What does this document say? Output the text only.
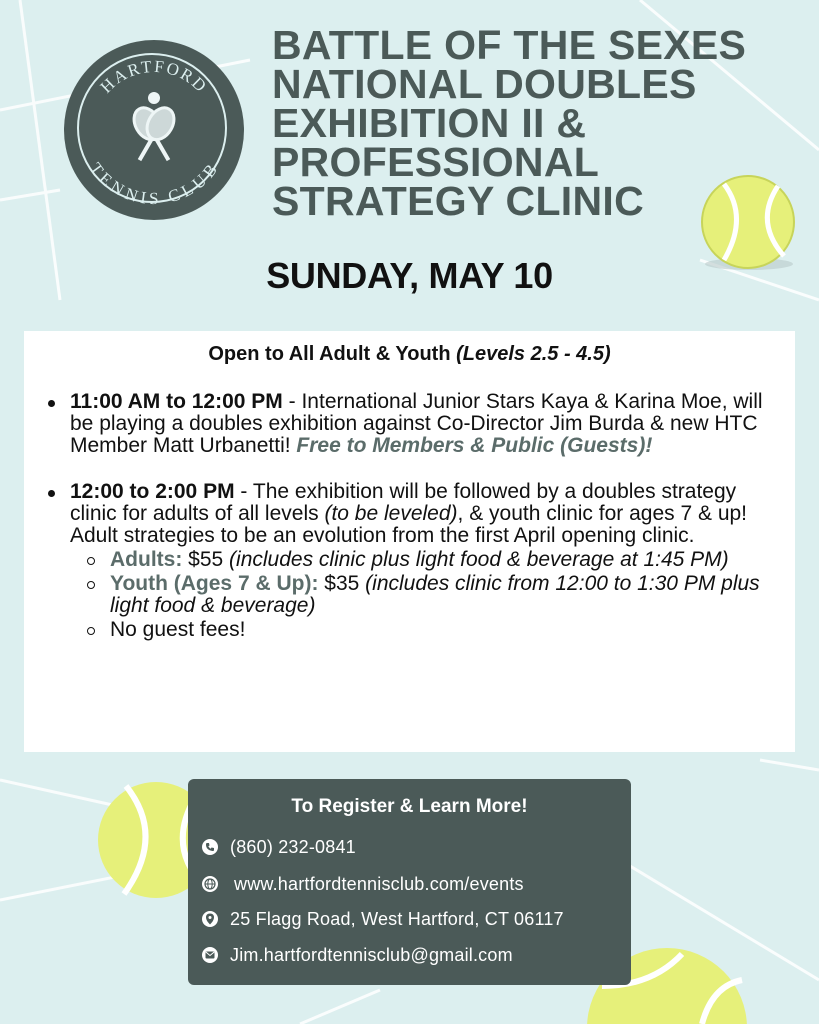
HARTFORD
TENNIS CLUB
BATTLE OF THE SEXES
NATIONAL DOUBLES
EXHIBITION II &
PROFESSIONAL
STRATEGY CLINIC
SUNDAY, MAY 10
Open to All Adult & Youth (Levels 2.5 - 4.5)
11:00 AM to 12:00 PM - International Junior Stars Kaya & Karina Moe, will be playing a doubles exhibition against Co-Director Jim Burda & new HTC Member Matt Urbanetti! Free to Members & Public (Guests)!
12:00 to 2:00 PM - The exhibition will be followed by a doubles strategy clinic for adults of all levels (to be leveled), & youth clinic for ages 7 & up! Adult strategies to be an evolution from the first April opening clinic.
Adults: $55 (includes clinic plus light food & beverage at 1:45 PM)
Youth (Ages 7 & Up): $35 (includes clinic from 12:00 to 1:30 PM plus light food & beverage)
No guest fees!
To Register & Learn More!
(860) 232-0841
www.hartfordtennisclub.com/events
25 Flagg Road, West Hartford, CT 06117
Jim.hartfordtennisclub@gmail.com
